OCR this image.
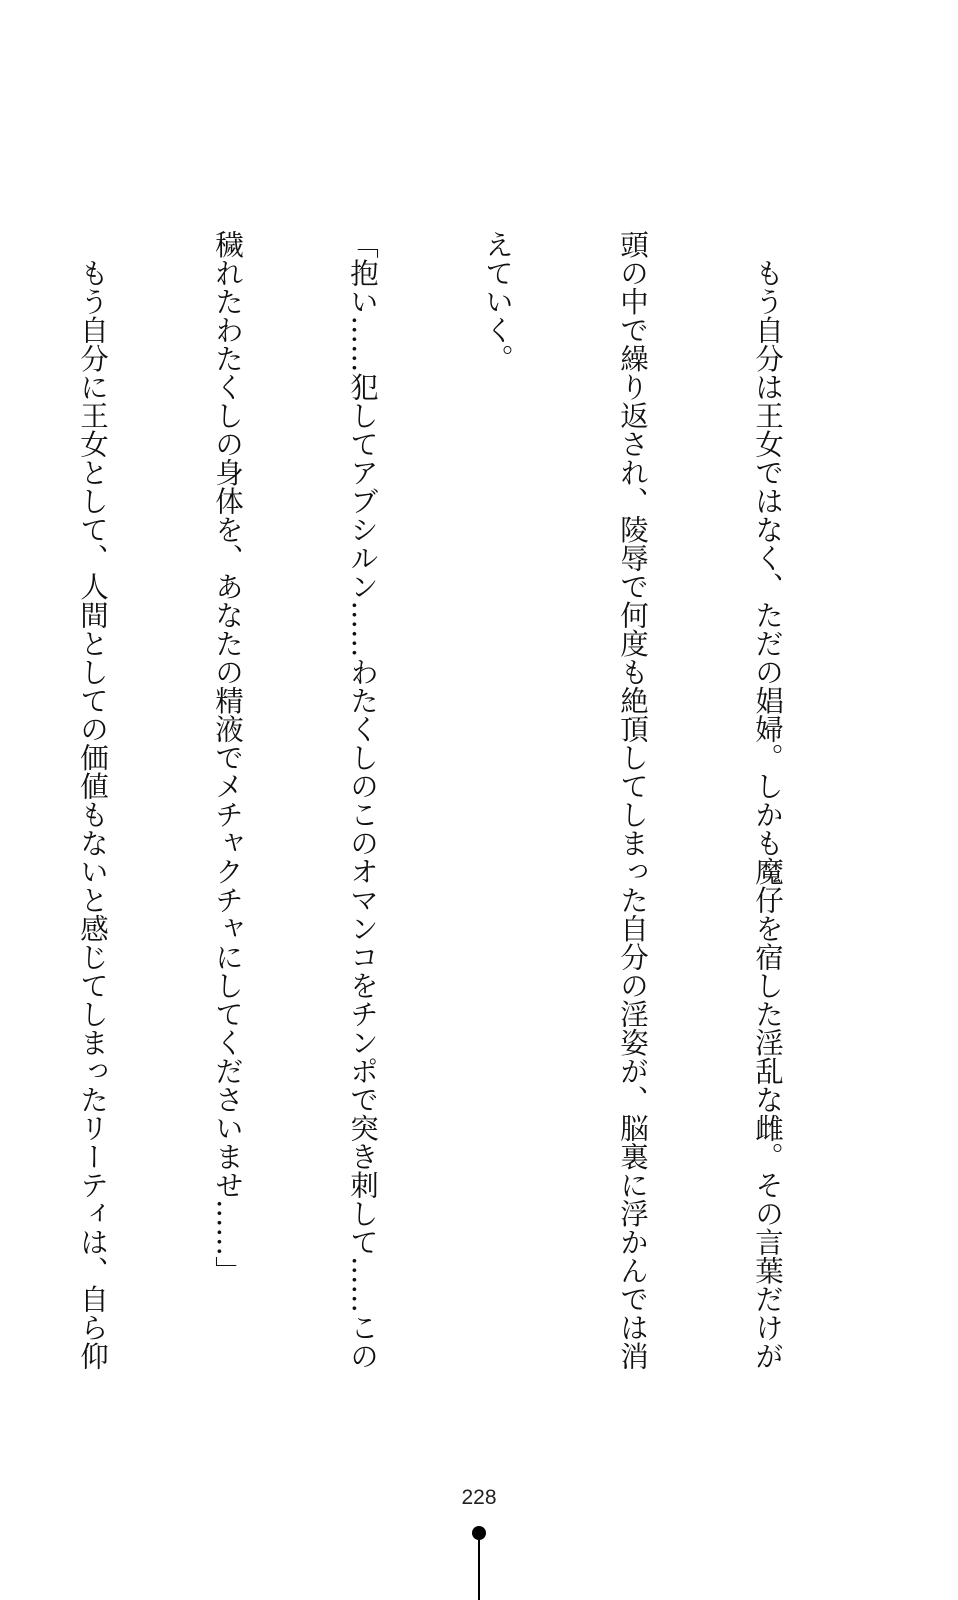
　もう自分は王女ではなく、ただの娼婦。しかも魔仔を宿した淫乱な雌。その言葉だけが

頭の中で繰り返され、陵辱で何度も絶頂してしまった自分の淫姿が、脳裏に浮かんでは消

えていく。

「抱い……犯してアブシルン……わたくしのこのオマンコをチンポで突き刺して……この

穢れたわたくしの身体を、あなたの精液でメチャクチャにしてくださいませ……」

　もう自分に王女として、人間としての価値もないと感じてしまったリーティは、自ら仰

228
